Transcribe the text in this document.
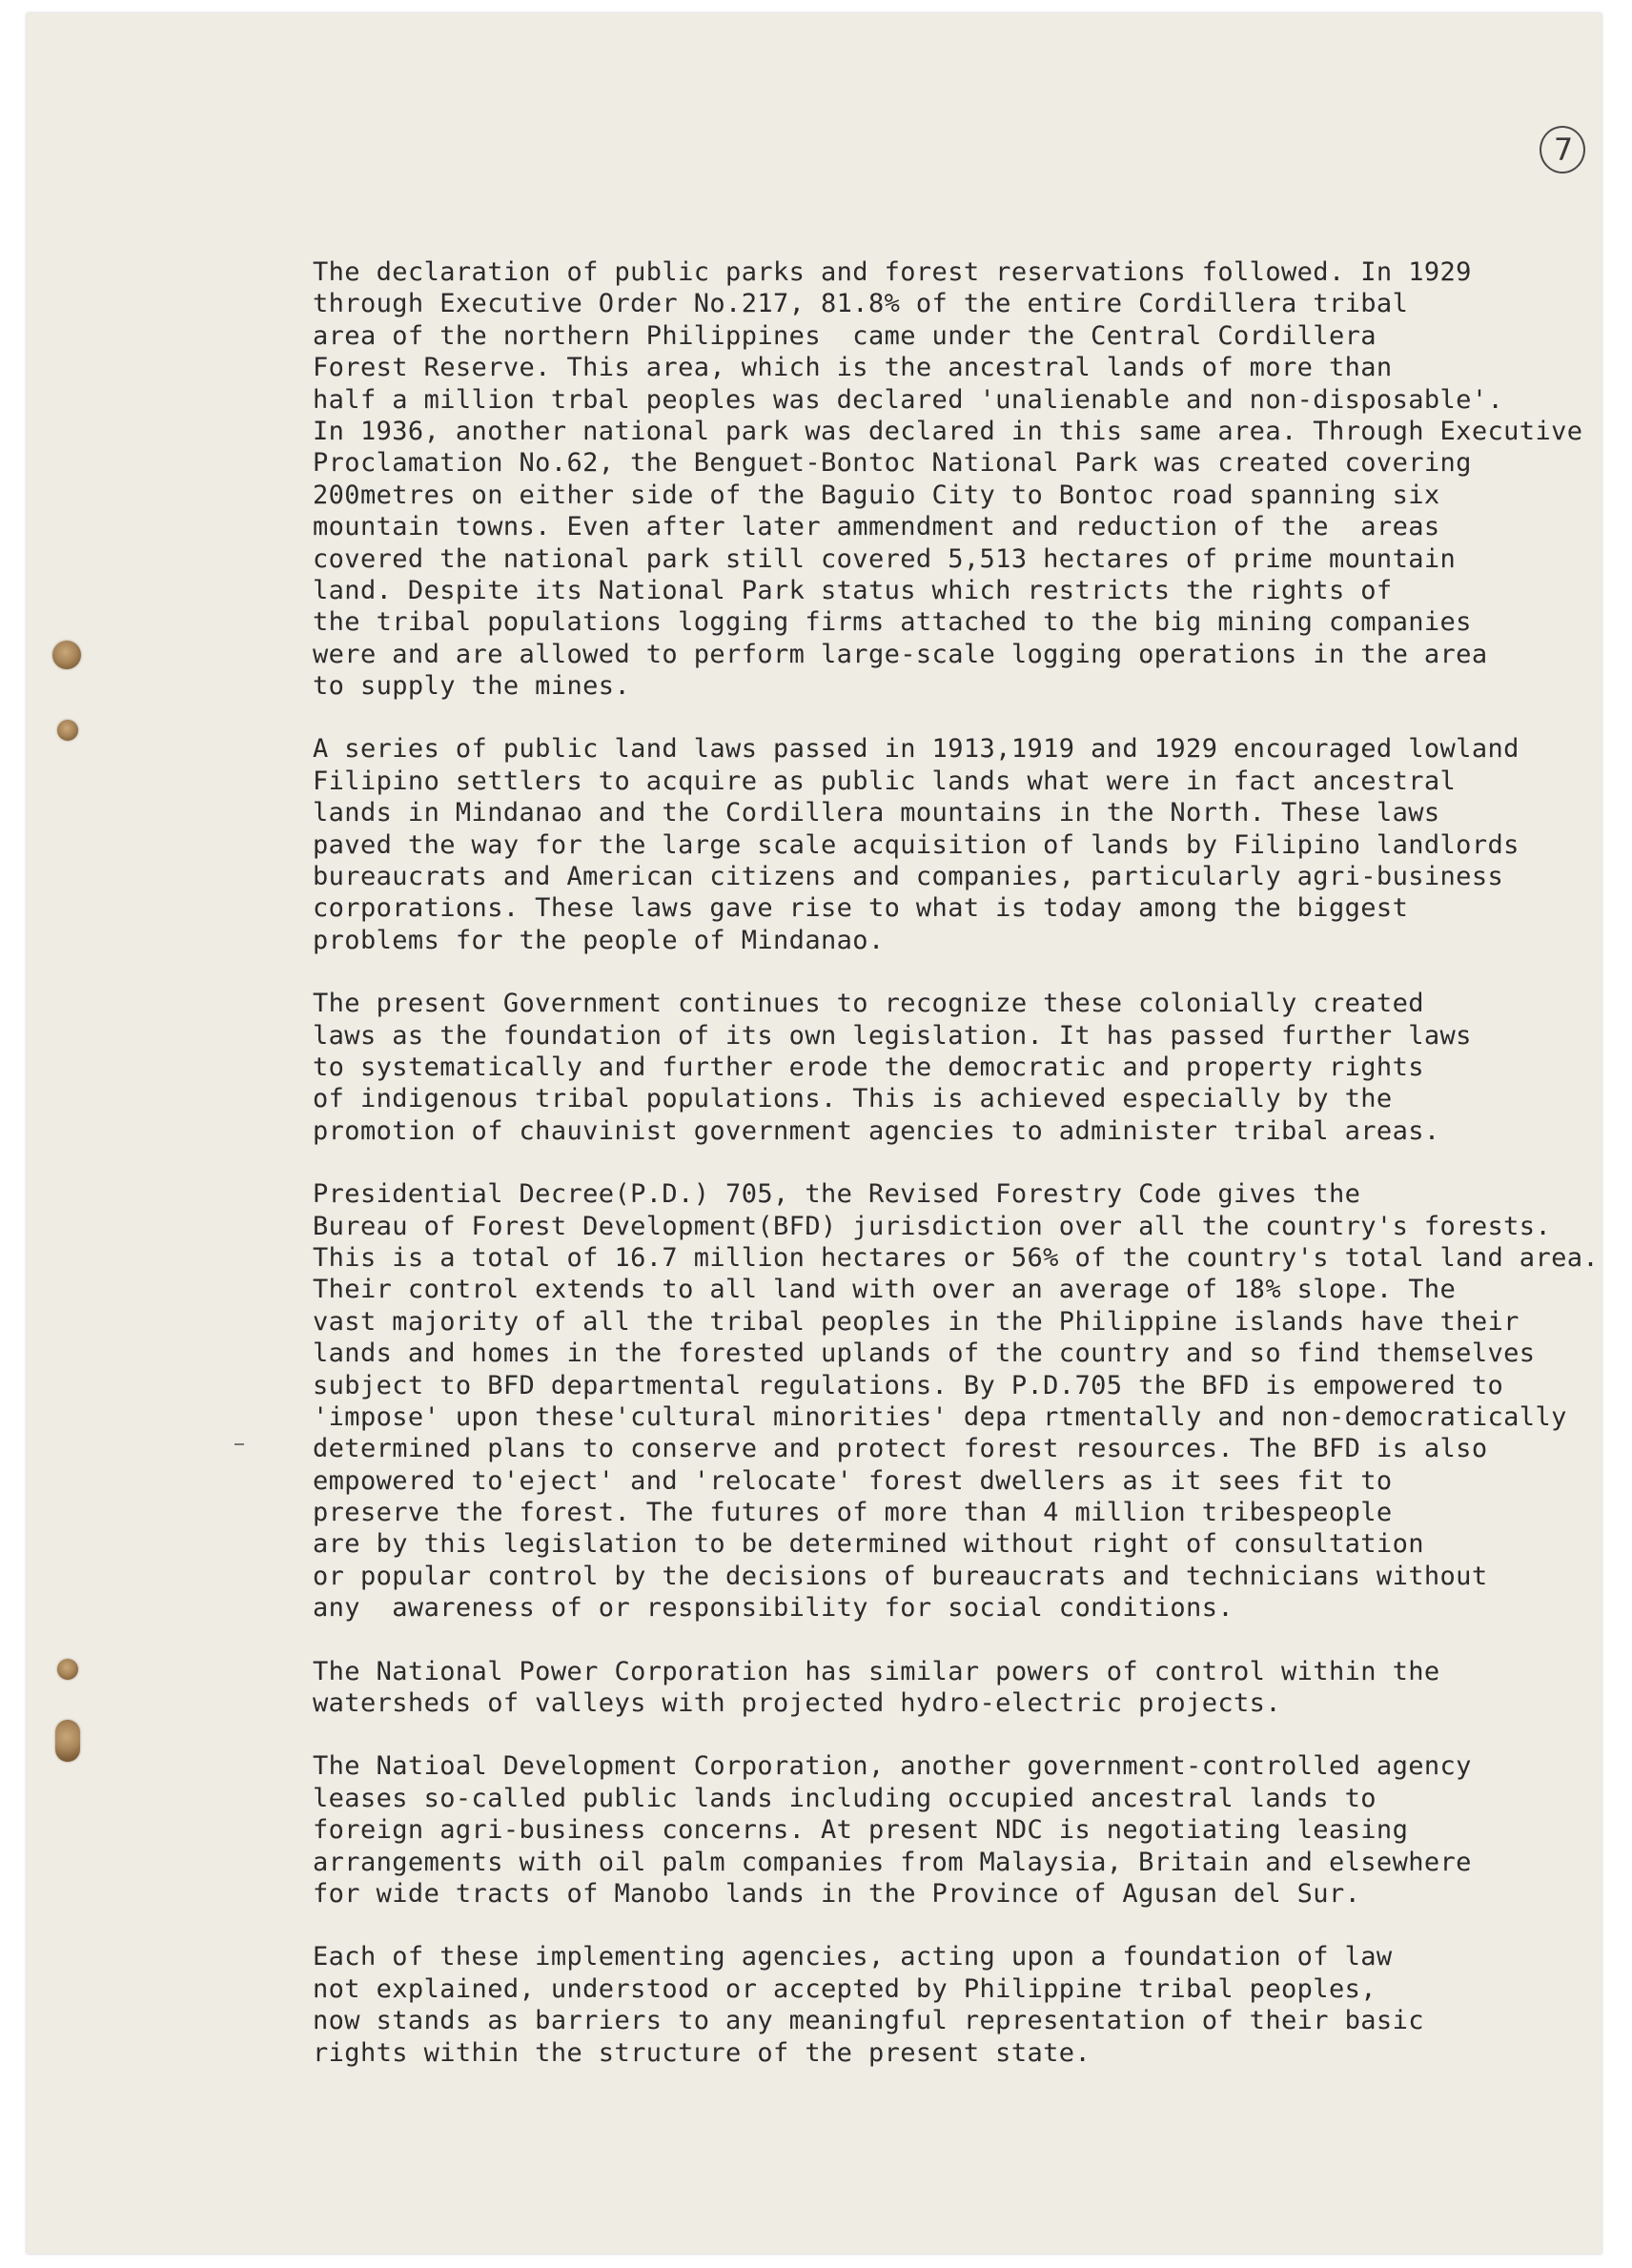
7
The declaration of public parks and forest reservations followed. In 1929
through Executive Order No.217, 81.8% of the entire Cordillera tribal
area of the northern Philippines  came under the Central Cordillera
Forest Reserve. This area, which is the ancestral lands of more than
half a million trbal peoples was declared 'unalienable and non-disposable'.
In 1936, another national park was declared in this same area. Through Executive
Proclamation No.62, the Benguet-Bontoc National Park was created covering
200metres on either side of the Baguio City to Bontoc road spanning six
mountain towns. Even after later ammendment and reduction of the  areas
covered the national park still covered 5,513 hectares of prime mountain
land. Despite its National Park status which restricts the rights of
the tribal populations logging firms attached to the big mining companies
were and are allowed to perform large-scale logging operations in the area
to supply the mines.
A series of public land laws passed in 1913,1919 and 1929 encouraged lowland
Filipino settlers to acquire as public lands what were in fact ancestral
lands in Mindanao and the Cordillera mountains in the North. These laws
paved the way for the large scale acquisition of lands by Filipino landlords
bureaucrats and American citizens and companies, particularly agri-business
corporations. These laws gave rise to what is today among the biggest
problems for the people of Mindanao.
The present Government continues to recognize these colonially created
laws as the foundation of its own legislation. It has passed further laws
to systematically and further erode the democratic and property rights
of indigenous tribal populations. This is achieved especially by the
promotion of chauvinist government agencies to administer tribal areas.
Presidential Decree(P.D.) 705, the Revised Forestry Code gives the
Bureau of Forest Development(BFD) jurisdiction over all the country's forests.
This is a total of 16.7 million hectares or 56% of the country's total land area.
Their control extends to all land with over an average of 18% slope. The
vast majority of all the tribal peoples in the Philippine islands have their
lands and homes in the forested uplands of the country and so find themselves
subject to BFD departmental regulations. By P.D.705 the BFD is empowered to
'impose' upon these'cultural minorities' depa rtmentally and non-democratically
determined plans to conserve and protect forest resources. The BFD is also
empowered to'eject' and 'relocate' forest dwellers as it sees fit to
preserve the forest. The futures of more than 4 million tribespeople
are by this legislation to be determined without right of consultation
or popular control by the decisions of bureaucrats and technicians without
any  awareness of or responsibility for social conditions.
The National Power Corporation has similar powers of control within the
watersheds of valleys with projected hydro-electric projects.
The Natioal Development Corporation, another government-controlled agency
leases so-called public lands including occupied ancestral lands to
foreign agri-business concerns. At present NDC is negotiating leasing
arrangements with oil palm companies from Malaysia, Britain and elsewhere
for wide tracts of Manobo lands in the Province of Agusan del Sur.
Each of these implementing agencies, acting upon a foundation of law
not explained, understood or accepted by Philippine tribal peoples,
now stands as barriers to any meaningful representation of their basic
rights within the structure of the present state.
